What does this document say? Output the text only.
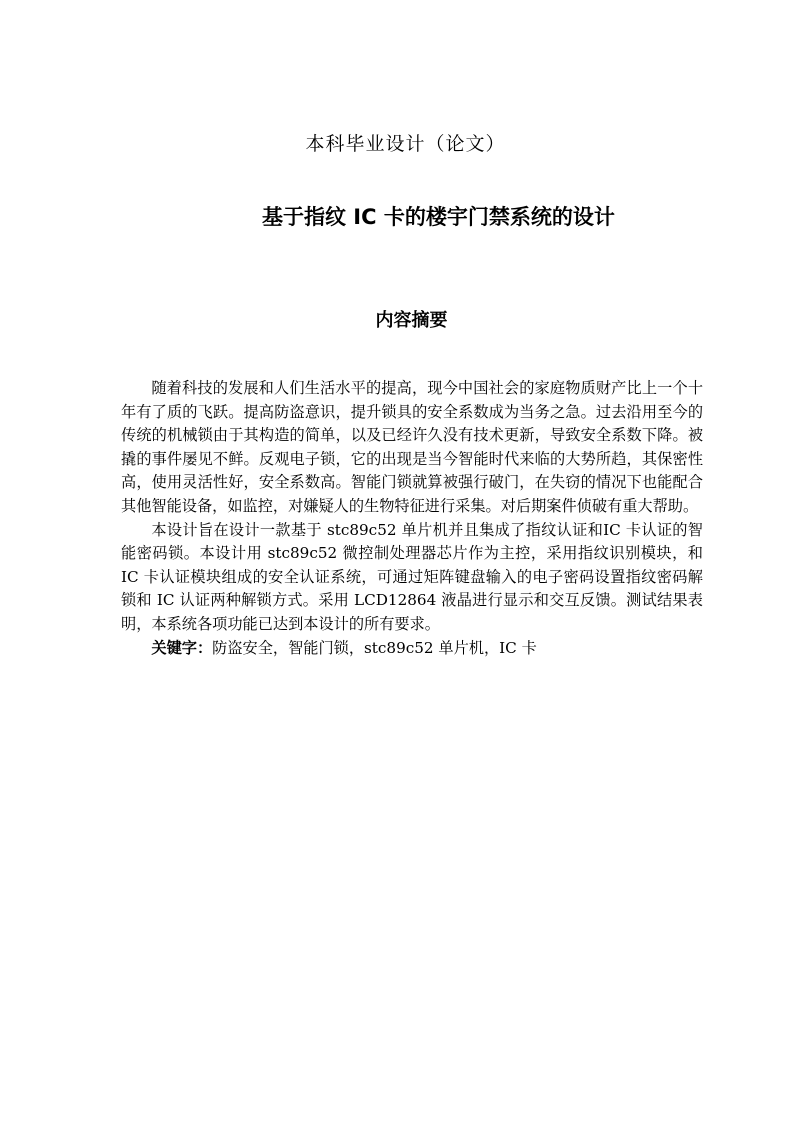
本科毕业设计（论文）
基于指纹 IC 卡的楼宇门禁系统的设计
内容摘要

随着科技的发展和人们生活水平的提高，现今中国社会的家庭物质财产比上一个十年有了质的飞跃。提高防盗意识，提升锁具的安全系数成为当务之急。过去沿用至今的传统的机械锁由于其构造的简单，以及已经许久没有技术更新，导致安全系数下降。被撬的事件屡见不鲜。反观电子锁，它的出现是当今智能时代来临的大势所趋，其保密性高，使用灵活性好，安全系数高。智能门锁就算被强行破门，在失窃的情况下也能配合其他智能设备，如监控，对嫌疑人的生物特征进行采集。对后期案件侦破有重大帮助。

本设计旨在设计一款基于 stc89c52 单片机并且集成了指纹认证和IC 卡认证的智能密码锁。本设计用 stc89c52 微控制处理器芯片作为主控，采用指纹识别模块，和 IC 卡认证模块组成的安全认证系统，可通过矩阵键盘输入的电子密码设置指纹密码解锁和 IC 认证两种解锁方式。采用 LCD12864 液晶进行显示和交互反馈。测试结果表明，本系统各项功能已达到本设计的所有要求。

关键字：防盗安全，智能门锁，stc89c52 单片机，IC 卡
